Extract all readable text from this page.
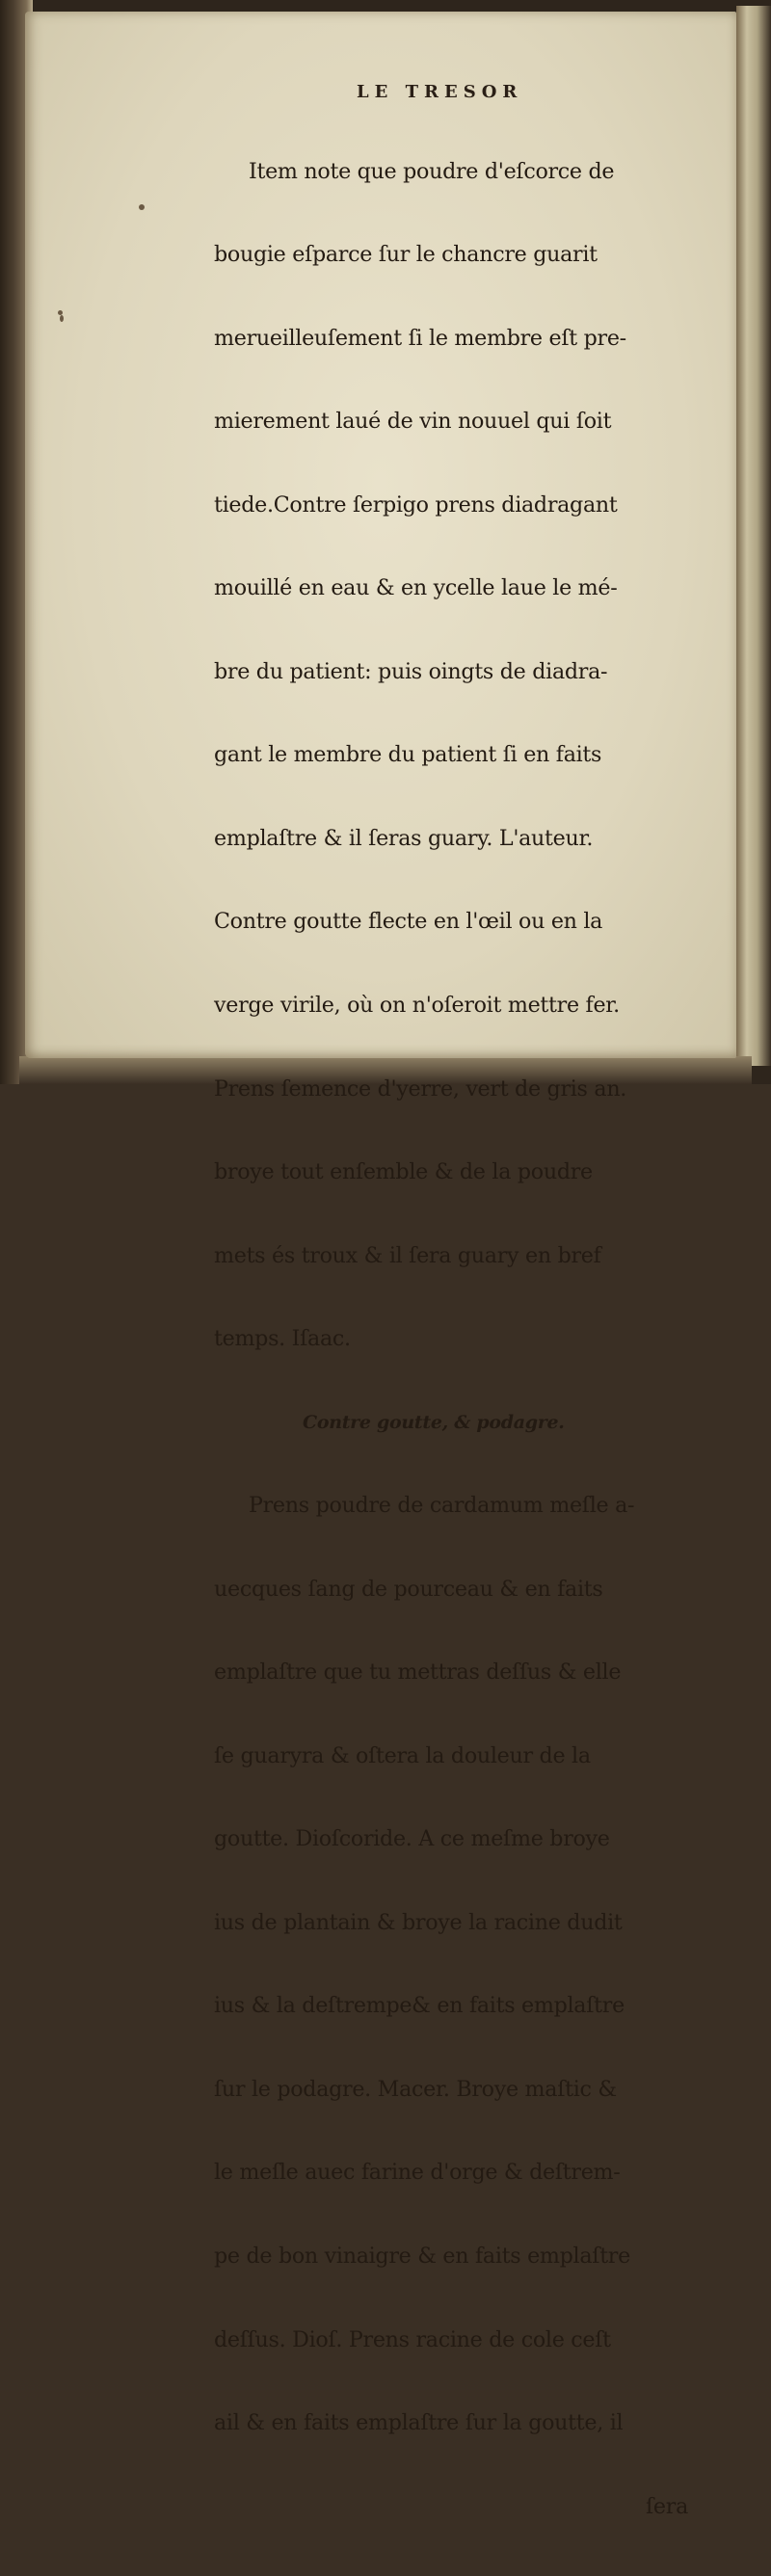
LE TRESOR

Item note que poudre d'eſcorce de

bougie eſparce ſur le chancre guarit

merueilleuſement ſi le membre eſt pre-

mierement laué de vin nouuel qui ſoit

tiede.Contre ſerpigo prens diadragant

mouillé en eau & en ycelle laue le mé-

bre du patient: puis oingts de diadra-

gant le membre du patient ſi en faits

emplaſtre & il ſeras guary. L'auteur.

Contre goutte flecte en l'œil ou en la

verge virile, où on n'oſeroit mettre fer.

Prens ſemence d'yerre, vert de gris an.

broye tout enſemble & de la poudre

mets és troux & il ſera guary en bref

temps. Iſaac.

Contre goutte, & podagre.

Prens poudre de cardamum meſle a-

uecques ſang de pourceau & en faits

emplaſtre que tu mettras deſſus & elle

ſe guaryra & oſtera la douleur de la

goutte. Dioſcoride. A ce meſme broye

ius de plantain & broye la racine dudit

ius & la deſtrempe& en faits emplaſtre

ſur le podagre. Macer. Broye maſtic &

le meſle auec farine d'orge & deſtrem-

pe de bon vinaigre & en faits emplaſtre

deſſus. Dioſ. Prens racine de cole ceſt

ail & en faits emplaſtre ſur la goutte, il

ſera
